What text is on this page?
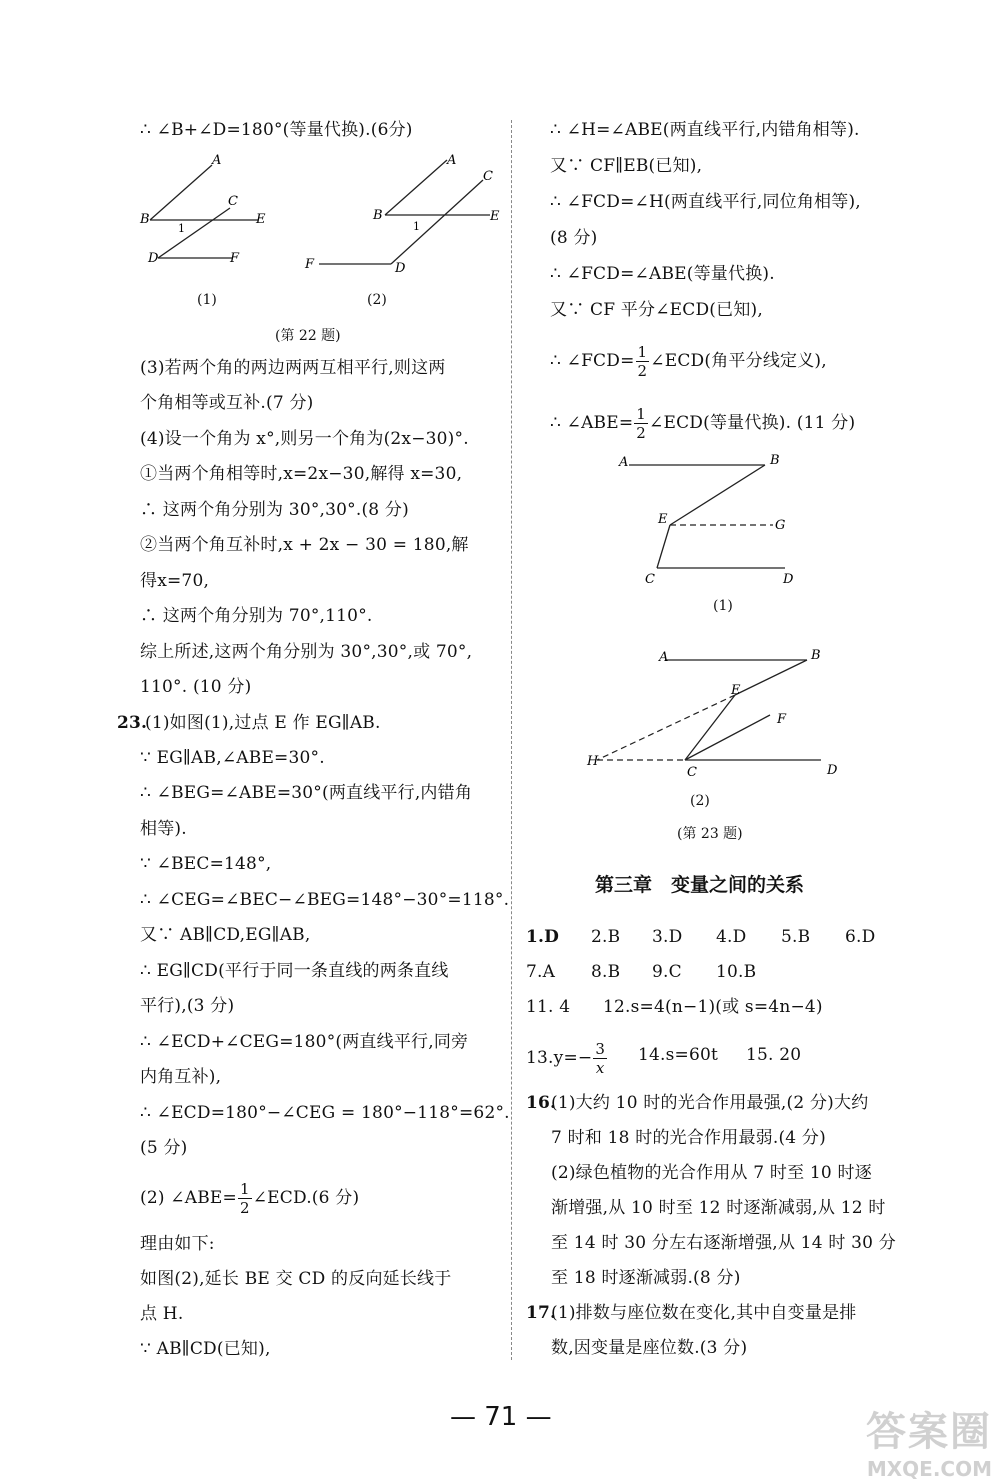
∴ ∠B+∠D=180°(等量代换).(6分)
A
B
C
E
D	F
1
(1)
A
B
C
E
F	D
1
(2)
(第 22 题)
(3)若两个角的两边两两互相平行,则这两
个角相等或互补.(7 分)
(4)设一个角为 x°,则另一个角为(2x−30)°.
①当两个角相等时,x=2x−30,解得 x=30,
∴ 这两个角分别为 30°,30°.(8 分)
②当两个角互补时,x + 2x − 30 = 180,解
得x=70,
∴ 这两个角分别为 70°,110°.
综上所述,这两个角分别为 30°,30°,或 70°,
110°. (10 分)
23.
(1)如图(1),过点 E 作 EG∥AB.
∵ EG∥AB,∠ABE=30°.
∴ ∠BEG=∠ABE=30°(两直线平行,内错角
相等).
∵ ∠BEC=148°,
∴ ∠CEG=∠BEC−∠BEG=148°−30°=118°.
又∵ AB∥CD,EG∥AB,
∴ EG∥CD(平行于同一条直线的两条直线
平行),(3 分)
∴ ∠ECD+∠CEG=180°(两直线平行,同旁
内角互补),
∴ ∠ECD=180°−∠CEG = 180°−118°=62°.
(5 分)
(2) ∠ABE= $\frac{1}{2}$ ∠ECD.(6 分)
理由如下:
如图(2),延长 BE 交 CD 的反向延长线于
点 H.
∵ AB∥CD(已知),
∴ ∠H=∠ABE(两直线平行,内错角相等).
又∵ CF∥EB(已知),
∴ ∠FCD=∠H(两直线平行,同位角相等),
(8 分)
∴ ∠FCD=∠ABE(等量代换).
又∵ CF 平分∠ECD(已知),
∴ ∠FCD= $\frac{1}{2}$ ∠ECD(角平分线定义),
∴ ∠ABE= $\frac{1}{2}$ ∠ECD(等量代换). (11 分)
A	B
E	G
C	D
(1)
A	B
E
F
H
C	D
(2)
(第 23 题)
第三章　变量之间的关系
1.D 2.B 3.D 4.D 5.B 6.D
7.A 8.B 9.C 10.B
11. 4 12.s=4(n−1)(或 s=4n−4)
$13.y=- \frac{3}{x} 14.s=60t$ 15. 20
16.
(1)大约 10 时的光合作用最强,(2 分)大约
7 时和 18 时的光合作用最弱.(4 分)
(2)绿色植物的光合作用从 7 时至 10 时逐
渐增强,从 10 时至 12 时逐渐减弱,从 12 时
至 14 时 30 分左右逐渐增强,从 14 时 30 分
至 18 时逐渐减弱.(8 分)
17.
(1)排数与座位数在变化,其中自变量是排
数,因变量是座位数.(3 分)
— 71 —	答案圈
MXQE.COM
